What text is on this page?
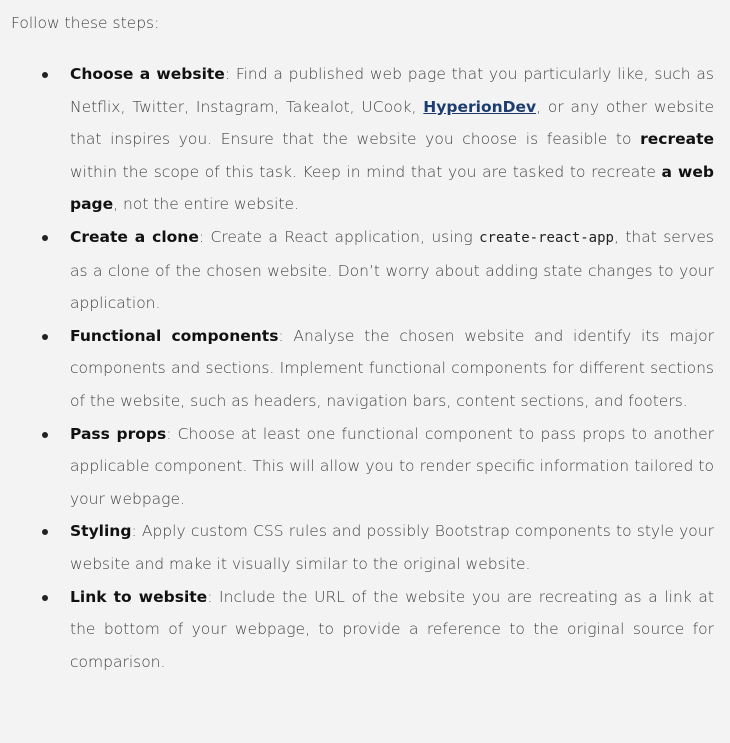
Follow these steps:

Choose a website: Find a published web page that you particularly like, such as Netflix, Twitter, Instagram, Takealot, UCook, HyperionDev, or any other website that inspires you. Ensure that the website you choose is feasible to recreate within the scope of this task. Keep in mind that you are tasked to recreate a web page, not the entire website.
Create a clone: Create a React application, using create-react-app, that serves as a clone of the chosen website. Don’t worry about adding state changes to your application.
Functional components: Analyse the chosen website and identify its major components and sections. Implement functional components for different sections of the website, such as headers, navigation bars, content sections, and footers.
Pass props: Choose at least one functional component to pass props to another applicable component. This will allow you to render specific information tailored to your webpage.
Styling: Apply custom CSS rules and possibly Bootstrap components to style your website and make it visually similar to the original website.
Link to website: Include the URL of the website you are recreating as a link at the bottom of your webpage, to provide a reference to the original source for comparison.
